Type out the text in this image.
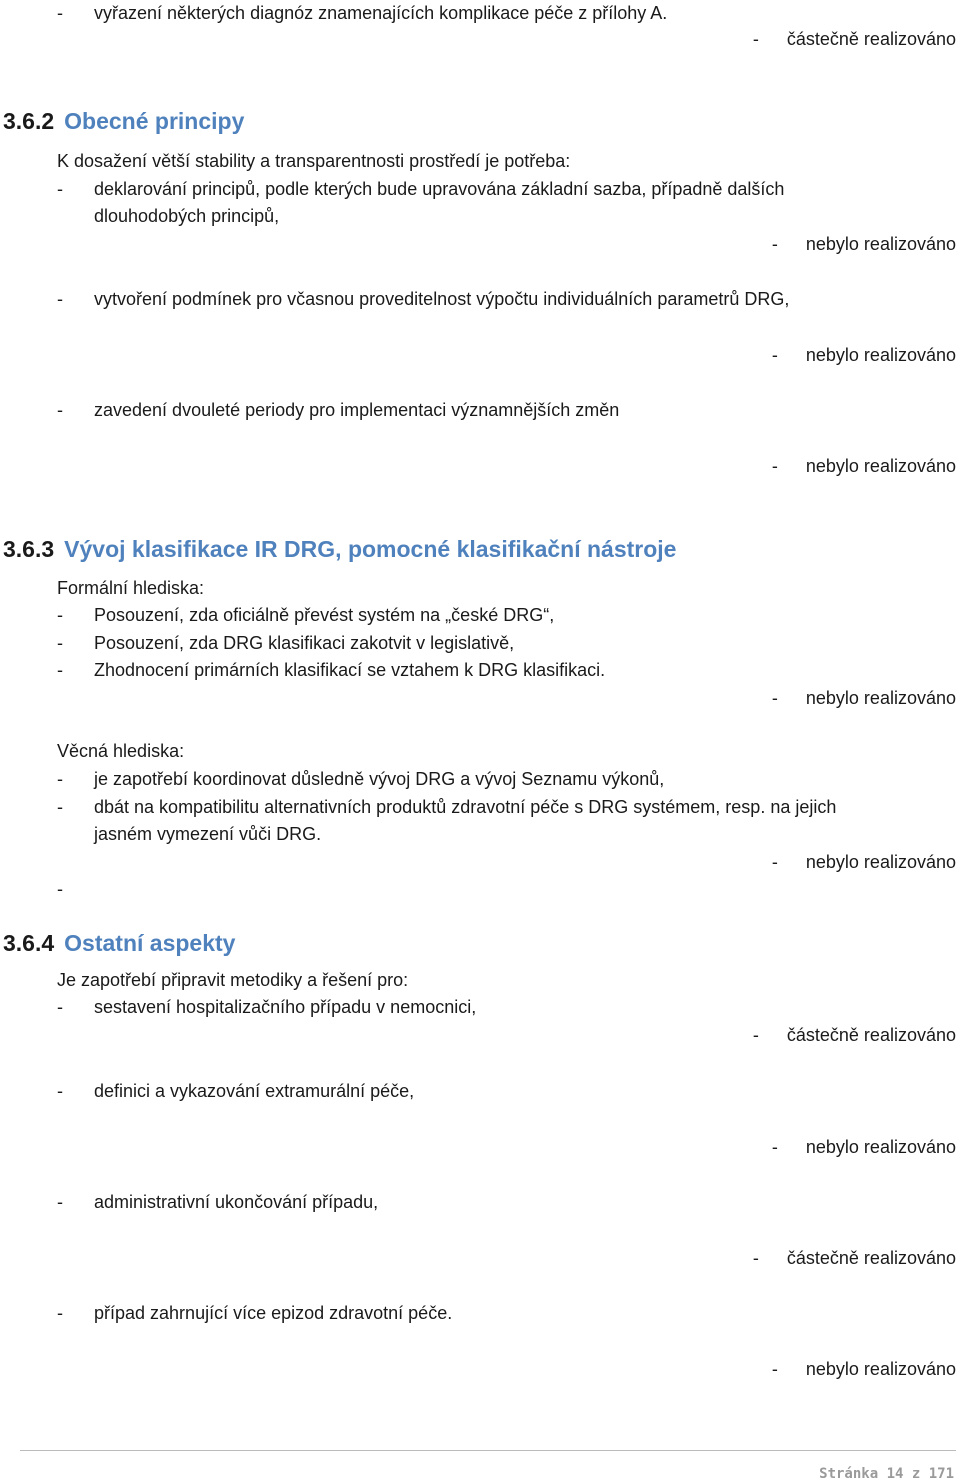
- vyřazení některých diagnóz znamenajících komplikace péče z přílohy A.
- částečně realizováno
3.6.2 Obecné principy
K dosažení větší stability a transparentnosti prostředí je potřeba:
- deklarování principů, podle kterých bude upravována základní sazba, případně dalších
dlouhodobých principů,
- nebylo realizováno
- vytvoření podmínek pro včasnou proveditelnost výpočtu individuálních parametrů DRG,
- nebylo realizováno
- zavedení dvouleté periody pro implementaci významnějších změn
- nebylo realizováno
3.6.3 Vývoj klasifikace IR DRG, pomocné klasifikační nástroje
Formální hlediska:
- Posouzení, zda oficiálně převést systém na „české DRG“,
- Posouzení, zda DRG klasifikaci zakotvit v legislativě,
- Zhodnocení primárních klasifikací se vztahem k DRG klasifikaci.
- nebylo realizováno
Věcná hlediska:
- je zapotřebí koordinovat důsledně vývoj DRG a vývoj Seznamu výkonů,
- dbát na kompatibilitu alternativních produktů zdravotní péče s DRG systémem, resp. na jejich
jasném vymezení vůči DRG.
- nebylo realizováno
-
3.6.4 Ostatní aspekty
Je zapotřebí připravit metodiky a řešení pro:
- sestavení hospitalizačního případu v nemocnici,
- částečně realizováno
- definici a vykazování extramurální péče,
- nebylo realizováno
- administrativní ukončování případu,
- částečně realizováno
- případ zahrnující více epizod zdravotní péče.
- nebylo realizováno
Stránka 14 z 171
